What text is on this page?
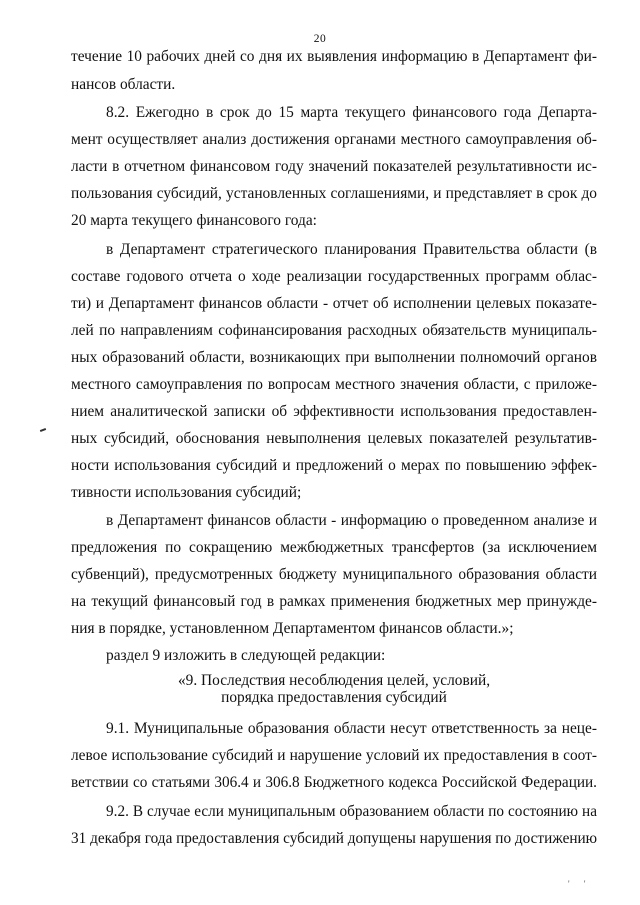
20
течение 10 рабочих дней со дня их выявления информацию в Департамент фи-
нансов области.
8.2. Ежегодно в срок до 15 марта текущего финансового года Департа-
мент осуществляет анализ достижения органами местного самоуправления об-
ласти в отчетном финансовом году значений показателей результативности ис-
пользования субсидий, установленных соглашениями, и представляет в срок до
20 марта текущего финансового года:
в Департамент стратегического планирования Правительства области (в
составе годового отчета о ходе реализации государственных программ облас-
ти) и Департамент финансов области - отчет об исполнении целевых показате-
лей по направлениям софинансирования расходных обязательств муниципаль-
ных образований области, возникающих при выполнении полномочий органов
местного самоуправления по вопросам местного значения области, с приложе-
нием аналитической записки об эффективности использования предоставлен-
ных субсидий, обоснования невыполнения целевых показателей результатив-
ности использования субсидий и предложений о мерах по повышению эффек-
тивности использования субсидий;
в Департамент финансов области - информацию о проведенном анализе и
предложения по сокращению межбюджетных трансфертов (за исключением
субвенций), предусмотренных бюджету муниципального образования области
на текущий финансовый год в рамках применения бюджетных мер принужде-
ния в порядке, установленном Департаментом финансов области.»;
раздел 9 изложить в следующей редакции:
«9. Последствия несоблюдения целей, условий,
порядка предоставления субсидий
9.1. Муниципальные образования области несут ответственность за неце-
левое использование субсидий и нарушение условий их предоставления в соот-
ветствии со статьями 306.4 и 306.8 Бюджетного кодекса Российской Федерации.
9.2. В случае если муниципальным образованием области по состоянию на
31 декабря года предоставления субсидий допущены нарушения по достижению
' '
